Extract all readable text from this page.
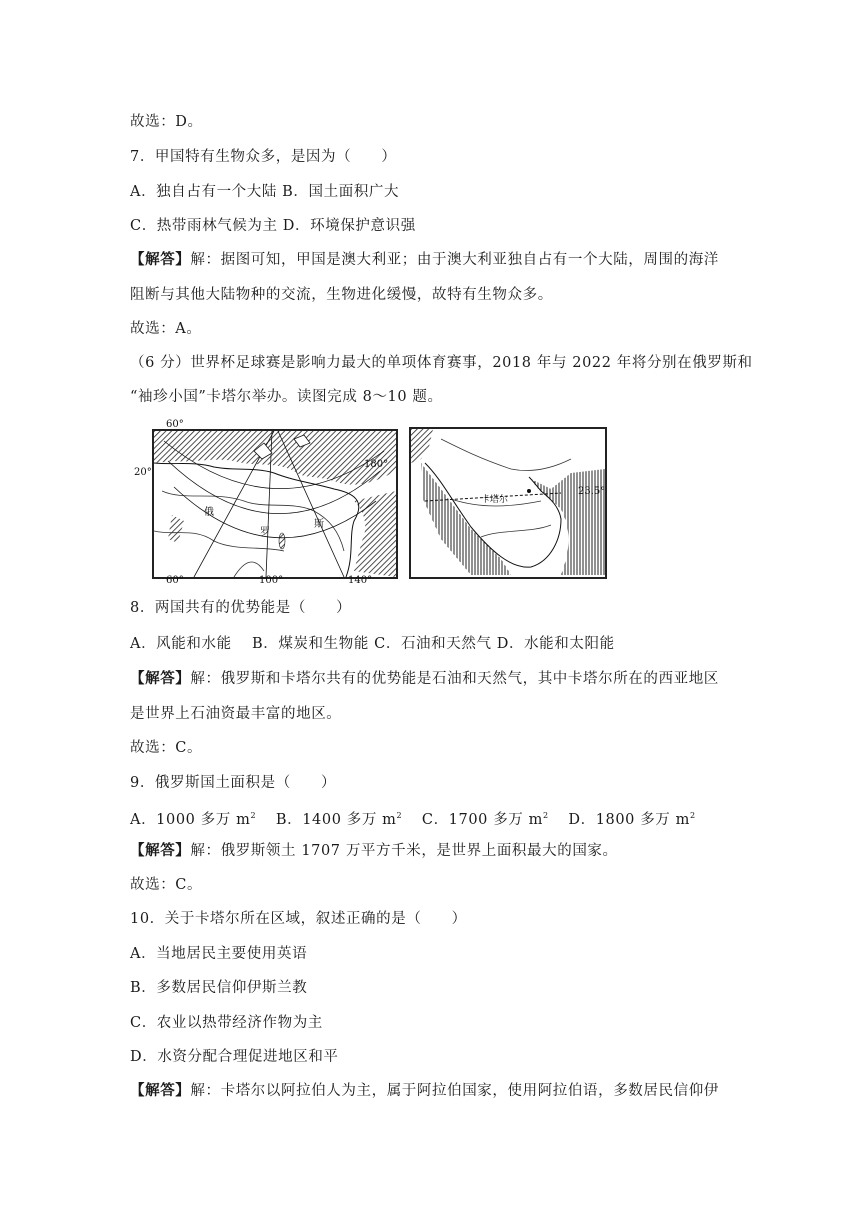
故选：D。
7．甲国特有生物众多，是因为（　　）
A．独自占有一个大陆 B．国土面积广大
C．热带雨林气候为主 D．环境保护意识强
【解答】解：据图可知，甲国是澳大利亚；由于澳大利亚独自占有一个大陆，周围的海洋
阻断与其他大陆物种的交流，生物进化缓慢，故特有生物众多。
故选：A。
（6 分）世界杯足球赛是影响力最大的单项体育赛事，2018 年与 2022 年将分别在俄罗斯和
“袖珍小国”卡塔尔举办。读图完成 8～10 题。
俄
罗
斯
60°
20°
180°
60°	100°	140°
卡塔尔
23.5°
8．两国共有的优势能是（　　）
A．风能和水能　 B．煤炭和生物能 C．石油和天然气 D．水能和太阳能
【解答】解：俄罗斯和卡塔尔共有的优势能是石油和天然气，其中卡塔尔所在的西亚地区
是世界上石油资最丰富的地区。
故选：C。
9．俄罗斯国土面积是（　　）
A．1000 多万 $m^2$　 B．1400 多万 $m^2$　 C．1700 多万 $m^2$　 D．1800 多万 $m^2$
【解答】解：俄罗斯领土 1707 万平方千米，是世界上面积最大的国家。
故选：C。
10．关于卡塔尔所在区域，叙述正确的是（　　）
A．当地居民主要使用英语
B．多数居民信仰伊斯兰教
C．农业以热带经济作物为主
D．水资分配合理促进地区和平
【解答】解：卡塔尔以阿拉伯人为主，属于阿拉伯国家，使用阿拉伯语，多数居民信仰伊
